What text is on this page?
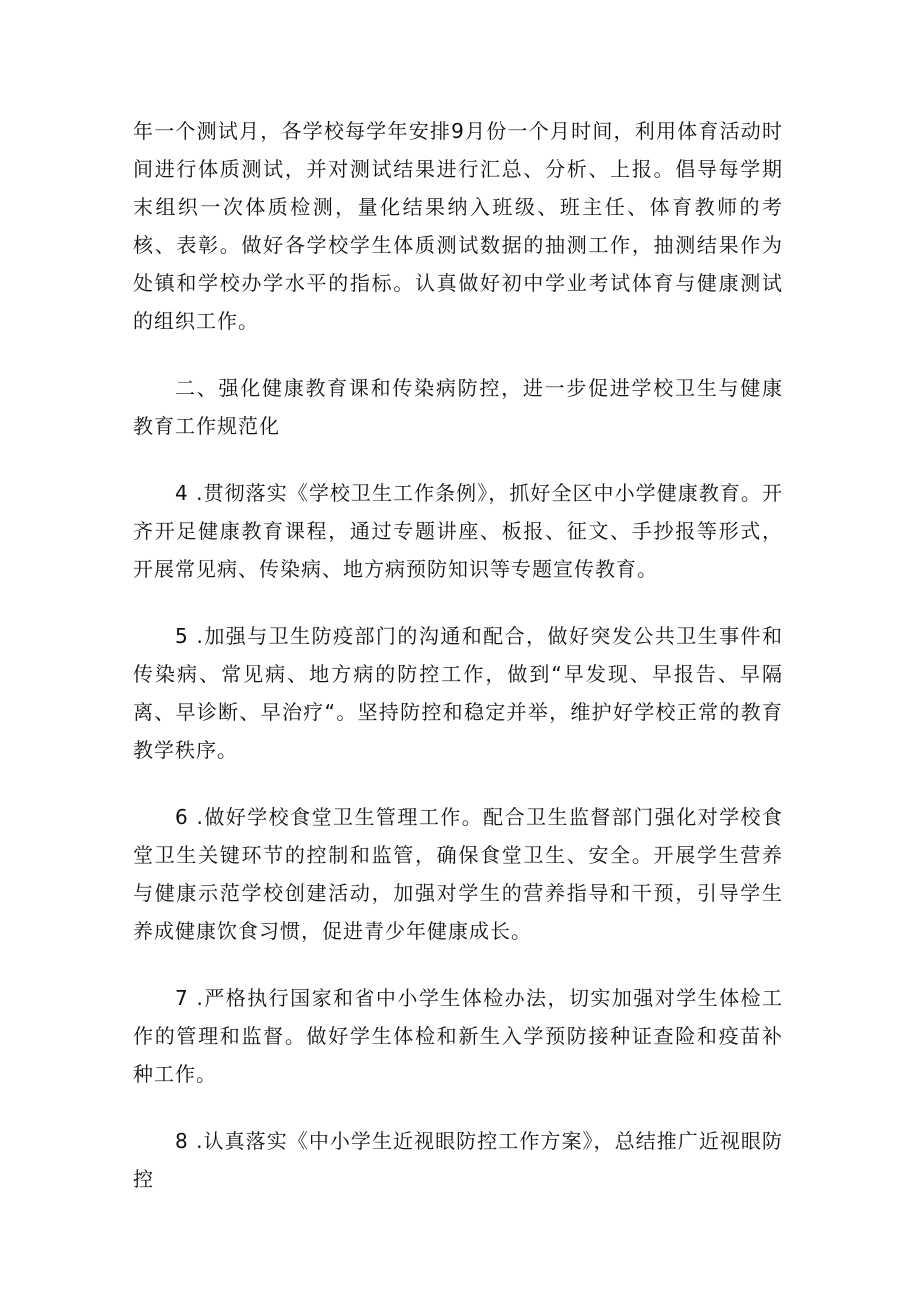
年一个测试月，各学校每学年安排9月份一个月时间，利用体育活动时间进行体质测试，并对测试结果进行汇总、分析、上报。倡导每学期末组织一次体质检测，量化结果纳入班级、班主任、体育教师的考核、表彰。做好各学校学生体质测试数据的抽测工作，抽测结果作为处镇和学校办学水平的指标。认真做好初中学业考试体育与健康测试的组织工作。

二、强化健康教育课和传染病防控，进一步促进学校卫生与健康教育工作规范化

4 .贯彻落实《学校卫生工作条例》，抓好全区中小学健康教育。开齐开足健康教育课程，通过专题讲座、板报、征文、手抄报等形式，开展常见病、传染病、地方病预防知识等专题宣传教育。

5 .加强与卫生防疫部门的沟通和配合，做好突发公共卫生事件和传染病、常见病、地方病的防控工作，做到“早发现、早报告、早隔离、早诊断、早治疗“。坚持防控和稳定并举，维护好学校正常的教育教学秩序。

6 .做好学校食堂卫生管理工作。配合卫生监督部门强化对学校食堂卫生关键环节的控制和监管，确保食堂卫生、安全。开展学生营养与健康示范学校创建活动，加强对学生的营养指导和干预，引导学生养成健康饮食习惯，促进青少年健康成长。

7 .严格执行国家和省中小学生体检办法，切实加强对学生体检工作的管理和监督。做好学生体检和新生入学预防接种证查险和疫苗补种工作。

8 .认真落实《中小学生近视眼防控工作方案》，总结推广近视眼防控
